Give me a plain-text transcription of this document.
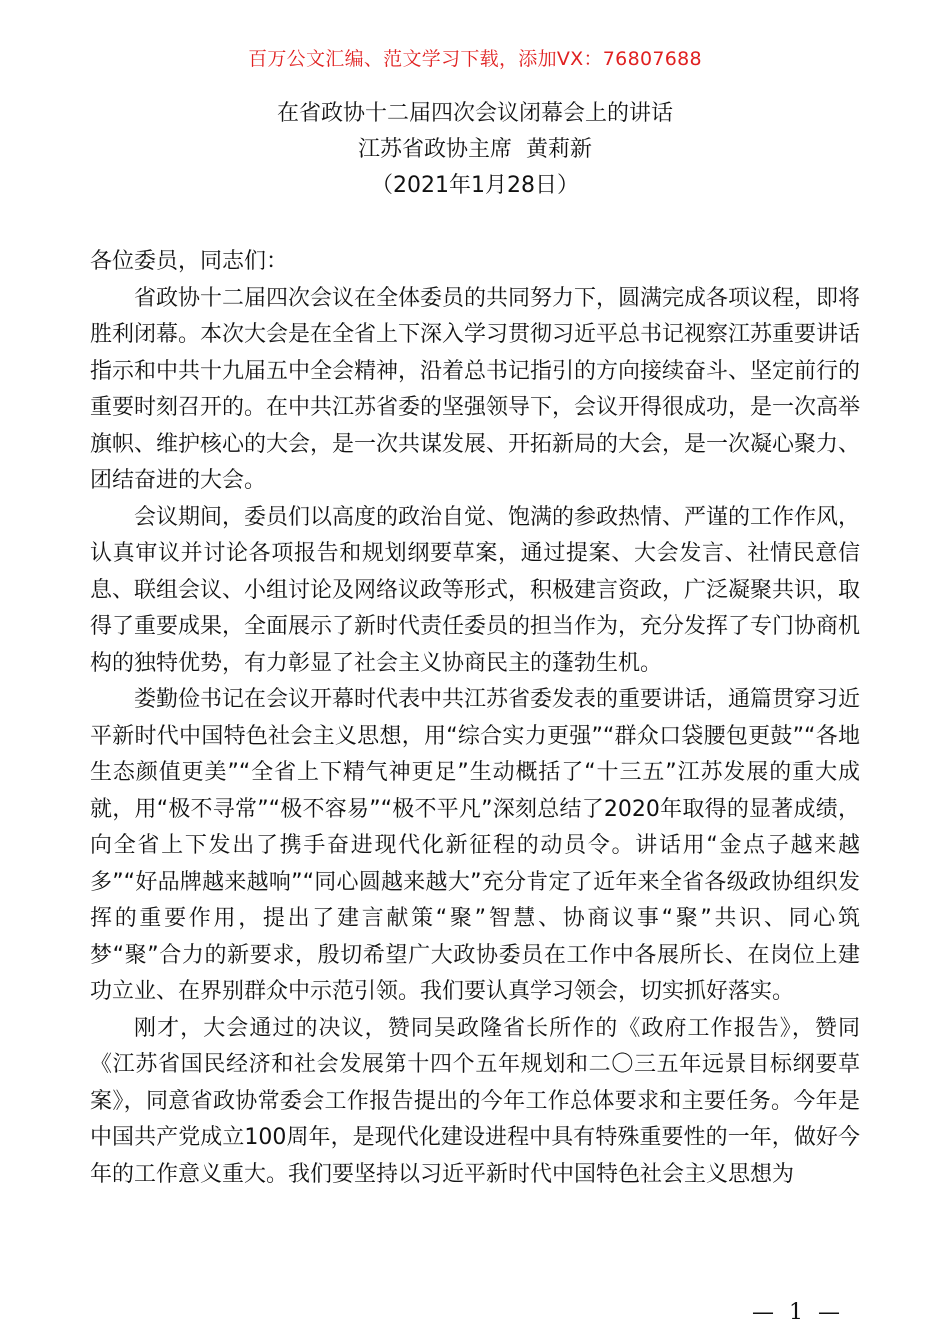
百万公文汇编、范文学习下载，添加VX：76807688
在省政协十二届四次会议闭幕会上的讲话
江苏省政协主席  黄莉新
（2021年1月28日）

各位委员，同志们：

省政协十二届四次会议在全体委员的共同努力下，圆满完成各项议程，即将胜利闭幕。本次大会是在全省上下深入学习贯彻习近平总书记视察江苏重要讲话指示和中共十九届五中全会精神，沿着总书记指引的方向接续奋斗、坚定前行的重要时刻召开的。在中共江苏省委的坚强领导下，会议开得很成功，是一次高举旗帜、维护核心的大会，是一次共谋发展、开拓新局的大会，是一次凝心聚力、团结奋进的大会。

会议期间，委员们以高度的政治自觉、饱满的参政热情、严谨的工作作风，认真审议并讨论各项报告和规划纲要草案，通过提案、大会发言、社情民意信息、联组会议、小组讨论及网络议政等形式，积极建言资政，广泛凝聚共识，取得了重要成果，全面展示了新时代责任委员的担当作为，充分发挥了专门协商机构的独特优势，有力彰显了社会主义协商民主的蓬勃生机。

娄勤俭书记在会议开幕时代表中共江苏省委发表的重要讲话，通篇贯穿习近平新时代中国特色社会主义思想，用“综合实力更强”“群众口袋腰包更鼓”“各地生态颜值更美”“全省上下精气神更足”生动概括了“十三五”江苏发展的重大成就，用“极不寻常”“极不容易”“极不平凡”深刻总结了2020年取得的显著成绩，向全省上下发出了携手奋进现代化新征程的动员令。讲话用“金点子越来越多”“好品牌越来越响”“同心圆越来越大”充分肯定了近年来全省各级政协组织发挥的重要作用，提出了建言献策“聚”智慧、协商议事“聚”共识、同心筑梦“聚”合力的新要求，殷切希望广大政协委员在工作中各展所长、在岗位上建功立业、在界别群众中示范引领。我们要认真学习领会，切实抓好落实。

刚才，大会通过的决议，赞同吴政隆省长所作的《政府工作报告》，赞同《江苏省国民经济和社会发展第十四个五年规划和二〇三五年远景目标纲要草案》，同意省政协常委会工作报告提出的今年工作总体要求和主要任务。今年是中国共产党成立100周年，是现代化建设进程中具有特殊重要性的一年，做好今年的工作意义重大。我们要坚持以习近平新时代中国特色社会主义思想为

— 1 —
